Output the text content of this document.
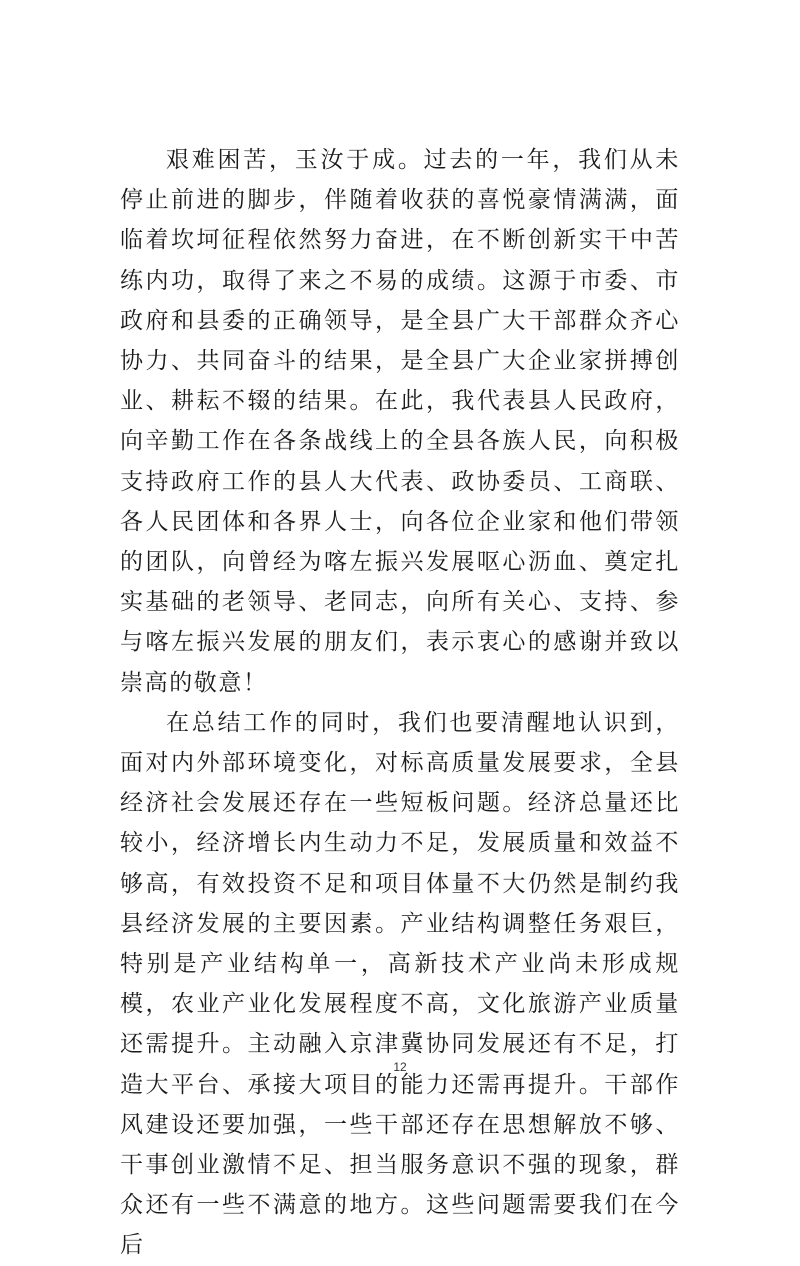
艰难困苦，玉汝于成。过去的一年，我们从未停止前进的脚步，伴随着收获的喜悦豪情满满，面临着坎坷征程依然努力奋进，在不断创新实干中苦练内功，取得了来之不易的成绩。这源于市委、市政府和县委的正确领导，是全县广大干部群众齐心协力、共同奋斗的结果，是全县广大企业家拼搏创业、耕耘不辍的结果。在此，我代表县人民政府，向辛勤工作在各条战线上的全县各族人民，向积极支持政府工作的县人大代表、政协委员、工商联、各人民团体和各界人士，向各位企业家和他们带领的团队，向曾经为喀左振兴发展呕心沥血、奠定扎实基础的老领导、老同志，向所有关心、支持、参与喀左振兴发展的朋友们，表示衷心的感谢并致以崇高的敬意！

在总结工作的同时，我们也要清醒地认识到，面对内外部环境变化，对标高质量发展要求，全县经济社会发展还存在一些短板问题。经济总量还比较小，经济增长内生动力不足，发展质量和效益不够高，有效投资不足和项目体量不大仍然是制约我县经济发展的主要因素。产业结构调整任务艰巨，特别是产业结构单一，高新技术产业尚未形成规模，农业产业化发展程度不高，文化旅游产业质量还需提升。主动融入京津冀协同发展还有不足，打造大平台、承接大项目的能力还需再提升。干部作风建设还要加强，一些干部还存在思想解放不够、干事创业激情不足、担当服务意识不强的现象，群众还有一些不满意的地方。这些问题需要我们在今后

12
